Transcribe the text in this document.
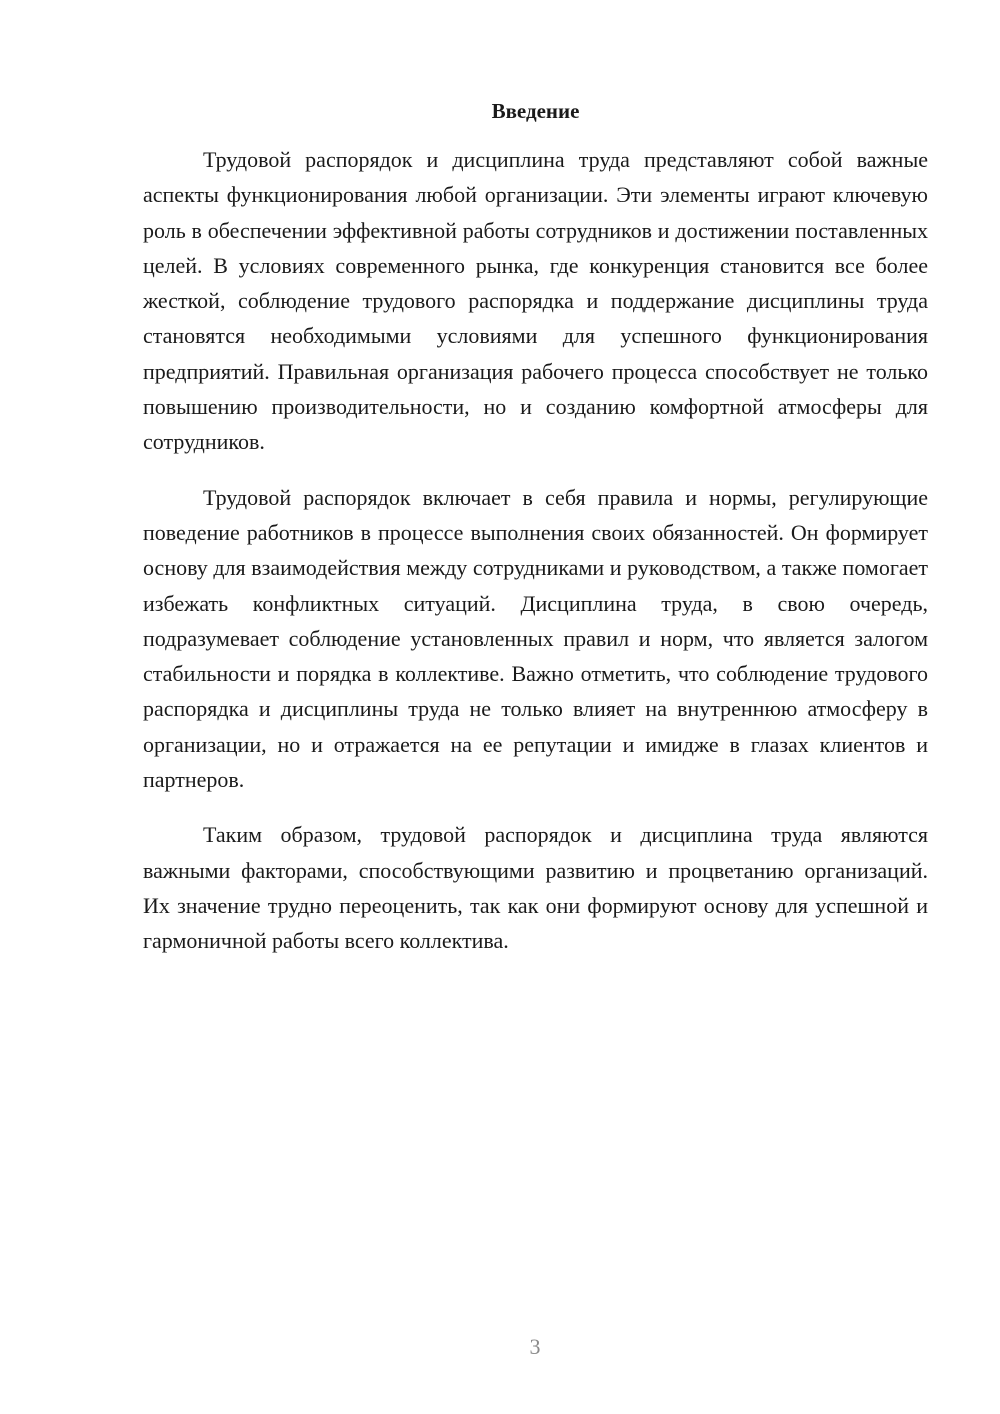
Введение

Трудовой распорядок и дисциплина труда представляют собой важные аспекты функционирования любой организации. Эти элементы играют ключевую роль в обеспечении эффективной работы сотрудников и достижении поставленных целей. В условиях современного рынка, где конкуренция становится все более жесткой, соблюдение трудового распорядка и поддержание дисциплины труда становятся необходимыми условиями для успешного функционирования предприятий. Правильная организация рабочего процесса способствует не только повышению производительности, но и созданию комфортной атмосферы для сотрудников.

Трудовой распорядок включает в себя правила и нормы, регулирующие поведение работников в процессе выполнения своих обязанностей. Он формирует основу для взаимодействия между сотрудниками и руководством, а также помогает избежать конфликтных ситуаций. Дисциплина труда, в свою очередь, подразумевает соблюдение установленных правил и норм, что является залогом стабильности и порядка в коллективе. Важно отметить, что соблюдение трудового распорядка и дисциплины труда не только влияет на внутреннюю атмосферу в организации, но и отражается на ее репутации и имидже в глазах клиентов и партнеров.

Таким образом, трудовой распорядок и дисциплина труда являются важными факторами, способствующими развитию и процветанию организаций. Их значение трудно переоценить, так как они формируют основу для успешной и гармоничной работы всего коллектива.

3
